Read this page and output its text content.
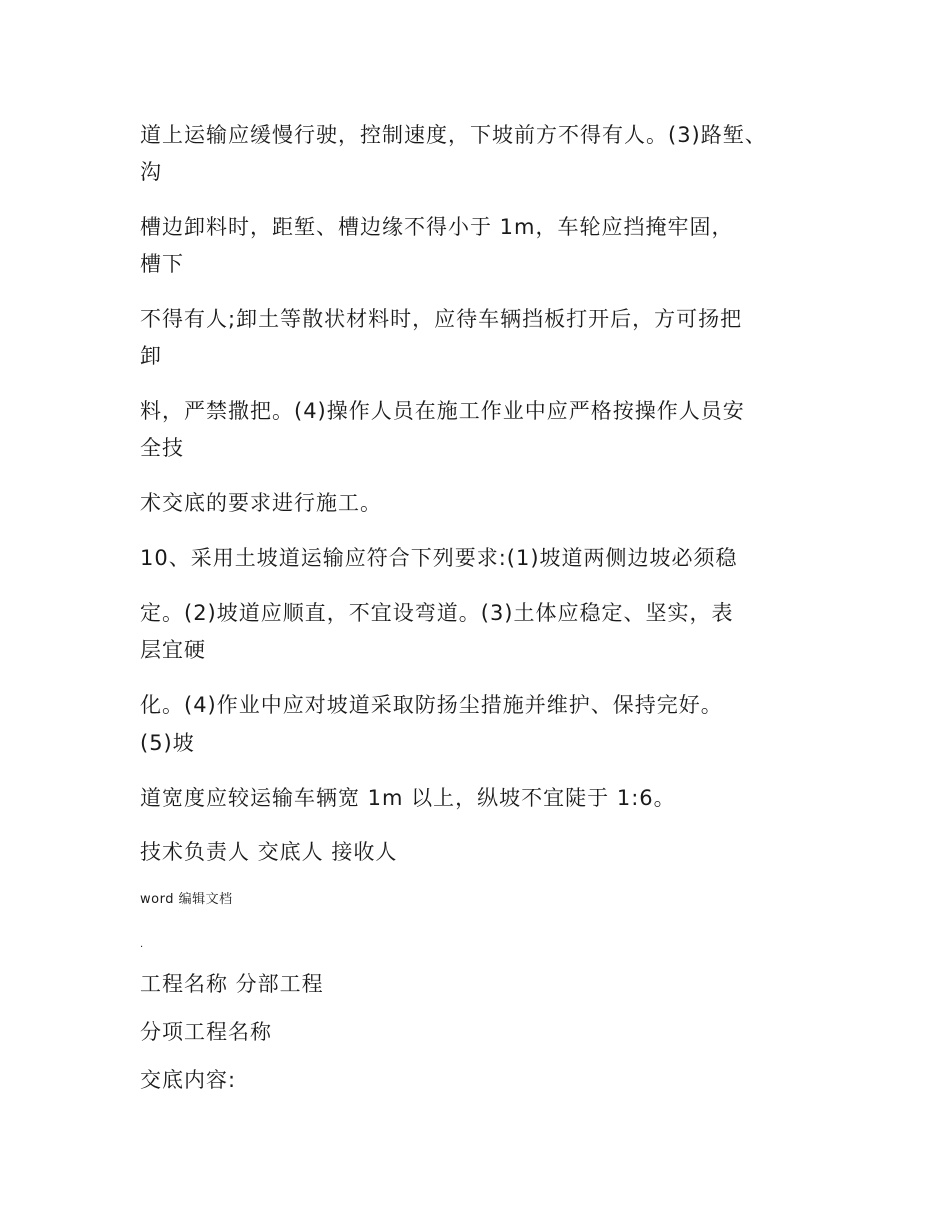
道上运输应缓慢行驶，控制速度，下坡前方不得有人。(3)路堑、
沟
槽边卸料时，距堑、槽边缘不得小于 1m，车轮应挡掩牢固，
槽下
不得有人;卸土等散状材料时，应待车辆挡板打开后，方可扬把
卸
料，严禁撒把。(4)操作人员在施工作业中应严格按操作人员安
全技
术交底的要求进行施工。
10、采用土坡道运输应符合下列要求:(1)坡道两侧边坡必须稳
定。(2)坡道应顺直，不宜设弯道。(3)土体应稳定、坚实，表
层宜硬
化。(4)作业中应对坡道采取防扬尘措施并维护、保持完好。
(5)坡
道宽度应较运输车辆宽 1m 以上，纵坡不宜陡于 1:6。
技术负责人 交底人 接收人
word 编辑文档
.
工程名称 分部工程
分项工程名称
交底内容:
